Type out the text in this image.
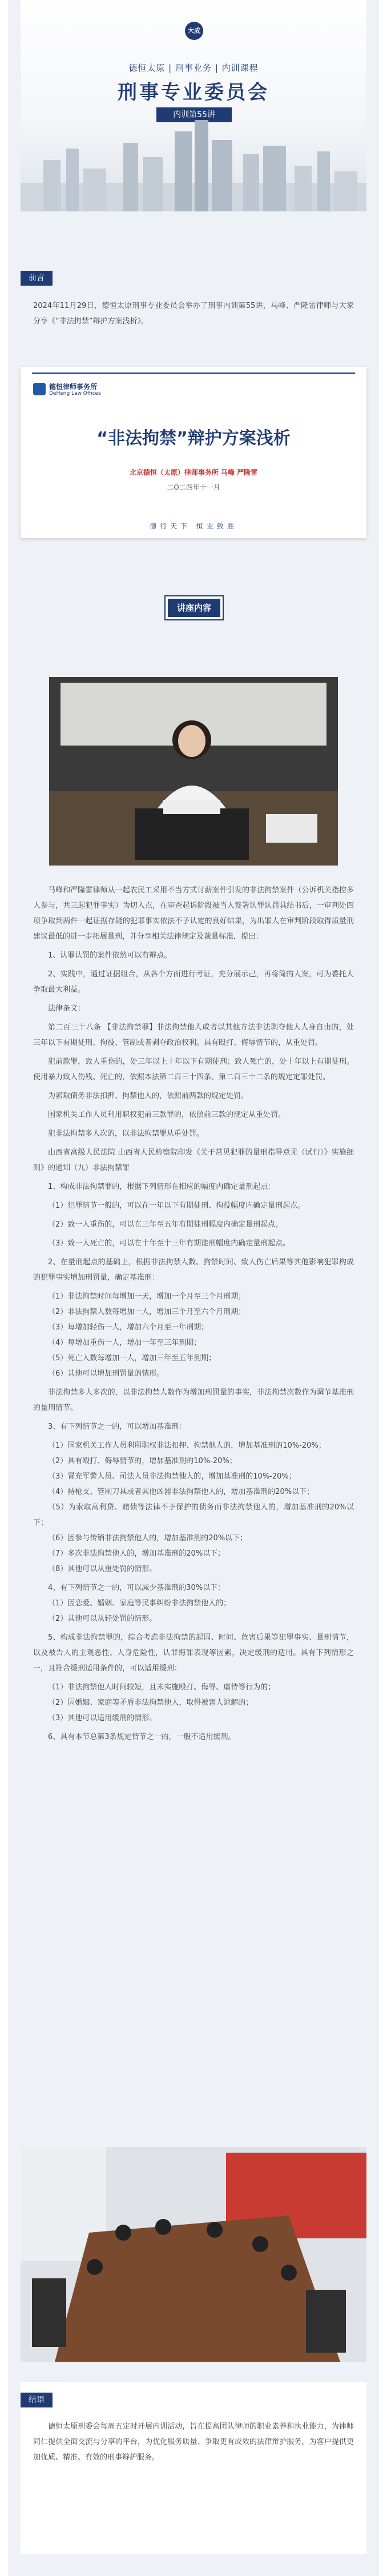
大成
德恒太原 | 刑事业务 | 内训课程
刑事专业委员会
内训第55讲
前言
2024年11月29日，德恒太原刑事专业委员会举办了刑事内训第55讲，马峰、严隆雷律师与大家分享《“非法拘禁”辩护方案浅析》。
德恒律师事务所
DeHeng Law Offices
“非法拘禁”辩护方案浅析
北京德恒（太原）律师事务所 马峰 严隆雷
二O二四年十一月
德行天下 恒业致胜
讲座内容
马峰和严隆雷律师从一起农民工采用不当方式讨薪案件引发的非法拘禁案件（公诉机关指控多人参与，共三起犯罪事实）为切入点，在审查起诉阶段被当人签署认罪认罚具结书后，一审判处四项争取到两件一起证据存疑的犯罪事实依法不予认定的良好结果，为出罪人在审判阶段取得质量刑建议最低的进一步拓展量刑，并分享相关法律规定及裁量标准，提出：
1、认罪认罚的案件依然可以有辩点。
2、实践中，通过证据组合，从各个方面进行考证，充分展示己，再将简的人案，可为委托人争取最大利益。
法律条文：
第二百三十八条 【非法拘禁罪】非法拘禁他人或者以其他方法非法剥夺他人人身自由的，处三年以下有期徒刑、拘役、管制或者剥夺政治权利。具有殴打、侮辱情节的，从重处罚。
犯前款罪，致人重伤的，处三年以上十年以下有期徒刑；致人死亡的，处十年以上有期徒刑。使用暴力致人伤残、死亡的，依照本法第二百三十四条、第二百三十二条的规定定罪处罚。
为索取债务非法扣押、拘禁他人的，依照前两款的规定处罚。
国家机关工作人员利用职权犯前三款罪的，依照前三款的规定从重处罚。
犯非法拘禁多人次的，以非法拘禁罪从重处罚。
山西省高级人民法院 山西省人民检察院印发《关于常见犯罪的量刑指导意见（试行）》实施细则》的通知（九）非法拘禁罪
1、构成非法拘禁罪的，根据下列情形在相应的幅度内确定量刑起点：
（1）犯罪情节一般的，可以在一年以下有期徒刑、拘役幅度内确定量刑起点。
（2）致一人重伤的，可以在三年至五年有期徒刑幅度内确定量刑起点。
（3）致一人死亡的，可以在十年至十三年有期徒刑幅度内确定量刑起点。
2、在量刑起点的基础上，根据非法拘禁人数、拘禁时间、致人伤亡后果等其他影响犯罪构成的犯罪事实增加刑罚量，确定基准刑：
（1）非法拘禁时间每增加一天，增加一个月至三个月刑期；
（2）非法拘禁人数每增加一人，增加三个月至六个月刑期；
（3）每增加轻伤一人，增加六个月至一年刑期；
（4）每增加重伤一人，增加一年至三年刑期；
（5）死亡人数每增加一人，增加三年至五年刑期；
（6）其他可以增加刑罚量的情形。
非法拘禁多人多次的，以非法拘禁人数作为增加刑罚量的事实，非法拘禁次数作为调节基准刑的量刑情节。
3、有下列情节之一的，可以增加基准刑：
（1）国家机关工作人员利用职权非法扣押、拘禁他人的，增加基准刑的10%-20%；
（2）具有殴打、侮辱情节的，增加基准刑的10%-20%；
（3）冒充军警人员、司法人员非法拘禁他人的，增加基准刑的10%-20%；
（4）持枪支、管制刀具或者其他凶器非法拘禁他人的，增加基准刑的20%以下；
（5）为索取高利贷、赌债等法律不予保护的债务而非法拘禁他人的，增加基准刑的20%以下；
（6）因参与传销非法拘禁他人的，增加基准刑的20%以下；
（7）多次非法拘禁他人的，增加基准刑的20%以下；
（8）其他可以从重处罚的情形。
4、有下列情节之一的，可以减少基准刑的30%以下：
（1）因恋爱、婚姻、家庭等民事纠纷非法拘禁他人的；
（2）其他可以从轻处罚的情形。
5、构成非法拘禁罪的，综合考虑非法拘禁的起因、时间、危害后果等犯罪事实、量刑情节，以及被告人的主观恶性、人身危险性，认罪悔罪表现等因素，决定缓刑的适用。具有下列情形之一，且符合缓刑适用条件的，可以适用缓刑：
（1）非法拘禁他人时间较短，且未实施殴打、侮辱、虐待等行为的；
（2）因婚姻、家庭等矛盾非法拘禁他人，取得被害人谅解的；
（3）其他可以适用缓刑的情形。
6、具有本节总第3条规定情节之一的，一般不适用缓刑。
结语
德恒太原刑委会每周五定时开展内训活动，旨在提高团队律师的职业素养和执业能力，为律师同仁提供全面交流与分享的平台，为优化服务质量、争取更有成效的法律辩护服务，为客户提供更加优质、精准、有效的刑事辩护服务。
